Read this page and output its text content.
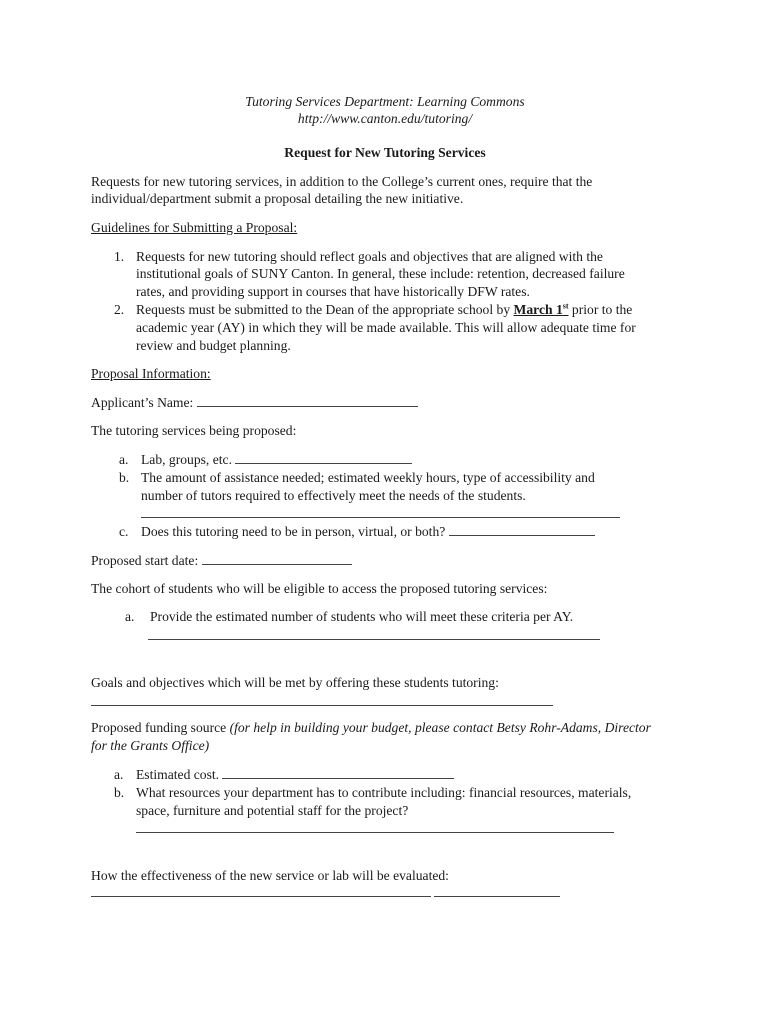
Tutoring Services Department: Learning Commons
http://www.canton.edu/tutoring/
Request for New Tutoring Services
Requests for new tutoring services, in addition to the College’s current ones, require that the
individual/department submit a proposal detailing the new initiative.
Guidelines for Submitting a Proposal:
1. Requests for new tutoring should reflect goals and objectives that are aligned with the
institutional goals of SUNY Canton. In general, these include: retention, decreased failure
rates, and providing support in courses that have historically DFW rates.
2. Requests must be submitted to the Dean of the appropriate school by March 1st prior to the
academic year (AY) in which they will be made available. This will allow adequate time for
review and budget planning.
Proposal Information:
Applicant’s Name:
The tutoring services being proposed:
a. Lab, groups, etc.
b. The amount of assistance needed; estimated weekly hours, type of accessibility and
number of tutors required to effectively meet the needs of the students.
c. Does this tutoring need to be in person, virtual, or both?
Proposed start date:
The cohort of students who will be eligible to access the proposed tutoring services:
a. Provide the estimated number of students who will meet these criteria per AY.
Goals and objectives which will be met by offering these students tutoring:
Proposed funding source (for help in building your budget, please contact Betsy Rohr-Adams, Director
for the Grants Office)
a. Estimated cost.
b. What resources your department has to contribute including: financial resources, materials,
space, furniture and potential staff for the project?
How the effectiveness of the new service or lab will be evaluated:
